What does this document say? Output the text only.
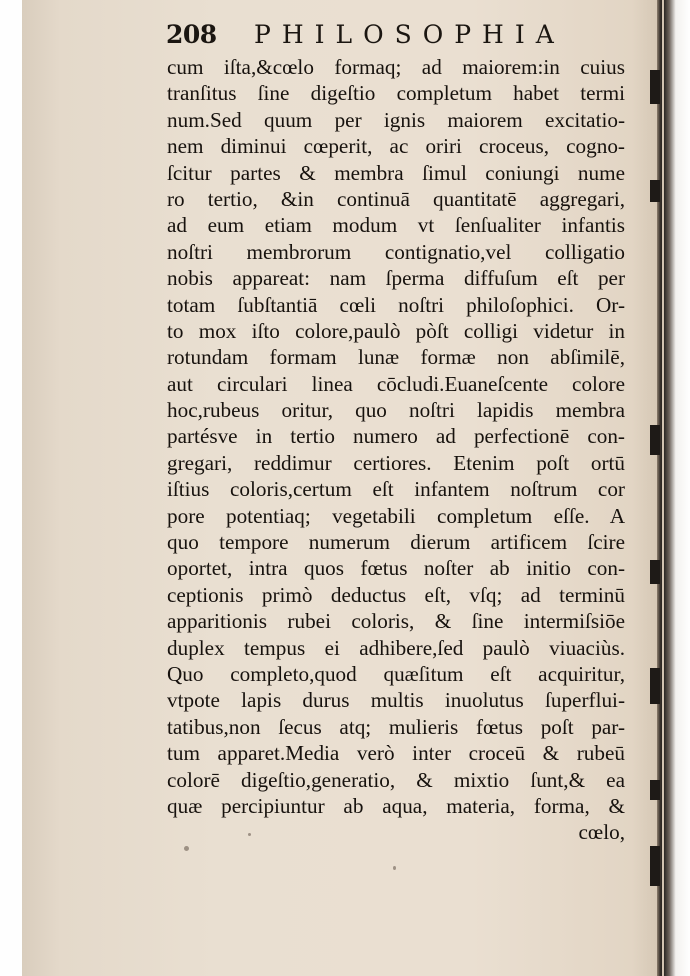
208 PHILOSOPHIA
cum iſta,&cœlo formaq; ad maiorem:in cuius
tranſitus ſine digeſtio completum habet termi
num.Sed quum per ignis maiorem excitatio-
nem diminui cœperit, ac oriri croceus, cogno-
ſcitur partes & membra ſimul coniungi nume
ro tertio, &in continuā quantitatē aggregari,
ad eum etiam modum vt ſenſualiter infantis
noſtri membrorum contignatio,vel colligatio
nobis appareat: nam ſperma diffuſum eſt per
totam ſubſtantiā cœli noſtri philoſophici. Or-
to mox iſto colore,paulò pòſt colligi videtur in
rotundam formam lunæ formæ non abſimilē,
aut circulari linea cōcludi.Euaneſcente colore
hoc,rubeus oritur, quo noſtri lapidis membra
partésve in tertio numero ad perfectionē con-
gregari, reddimur certiores. Etenim poſt ortū
iſtius coloris,certum eſt infantem noſtrum cor
pore potentiaq; vegetabili completum eſſe. A
quo tempore numerum dierum artificem ſcire
oportet, intra quos fœtus noſter ab initio con-
ceptionis primò deductus eſt, vſq; ad terminū
apparitionis rubei coloris, & ſine intermiſsiōe
duplex tempus ei adhibere,ſed paulò viuaciùs.
Quo completo,quod quæſitum eſt acquiritur,
vtpote lapis durus multis inuolutus ſuperflui-
tatibus,non ſecus atq; mulieris fœtus poſt par-
tum apparet.Media verò inter croceū & rubeū
colorē digeſtio,generatio, & mixtio ſunt,& ea
quæ percipiuntur ab aqua, materia, forma, &
cœlo,
